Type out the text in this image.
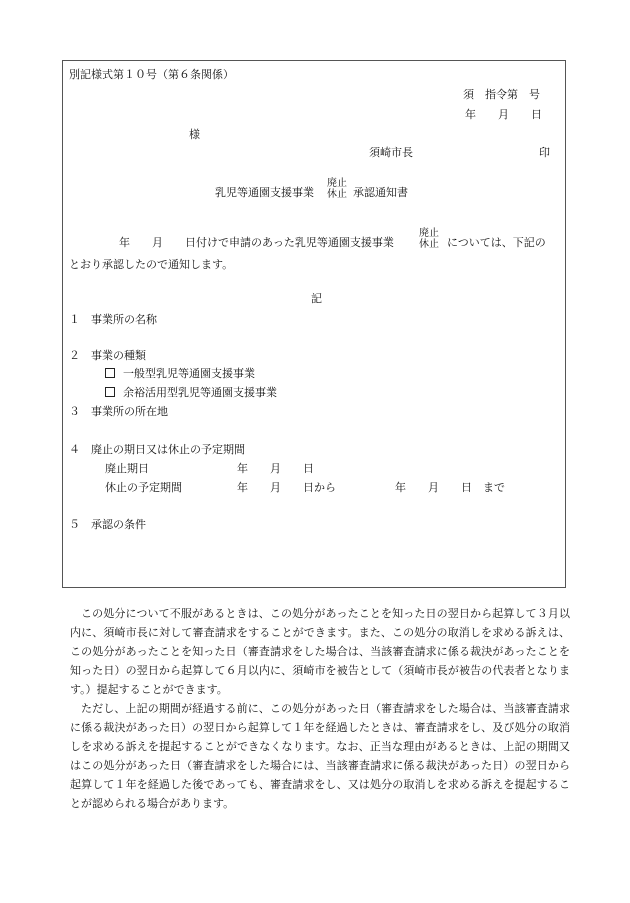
別記様式第１０号（第６条関係）
須　指令第　号
年　　月　　日
様
須崎市長	印
乳児等通園支援事業
廃止
休止 承認通知書
年　　月　　日付けで申請のあった乳児等通園支援事業
廃止
休止 については、下記の
とおり承認したので通知します。
記
１　事業所の名称
２　事業の種類
一般型乳児等通園支援事業
余裕活用型乳児等通園支援事業
３　事業所の所在地
４　廃止の期日又は休止の予定期間
廃止期日	年　　月　　日
休止の予定期間	年　　月　　日から	年　　月　　日　まで
５　承認の条件

この処分について不服があるときは、この処分があったことを知った日の翌日から起算して３月以内に、須崎市長に対して審査請求をすることができます。また、この処分の取消しを求める訴えは、この処分があったことを知った日（審査請求をした場合は、当該審査請求に係る裁決があったことを知った日）の翌日から起算して６月以内に、須崎市を被告として（須崎市長が被告の代表者となります。）提起することができます。

ただし、上記の期間が経過する前に、この処分があった日（審査請求をした場合は、当該審査請求に係る裁決があった日）の翌日から起算して１年を経過したときは、審査請求をし、及び処分の取消しを求める訴えを提起することができなくなります。なお、正当な理由があるときは、上記の期間又はこの処分があった日（審査請求をした場合には、当該審査請求に係る裁決があった日）の翌日から起算して１年を経過した後であっても、審査請求をし、又は処分の取消しを求める訴えを提起することが認められる場合があります。
